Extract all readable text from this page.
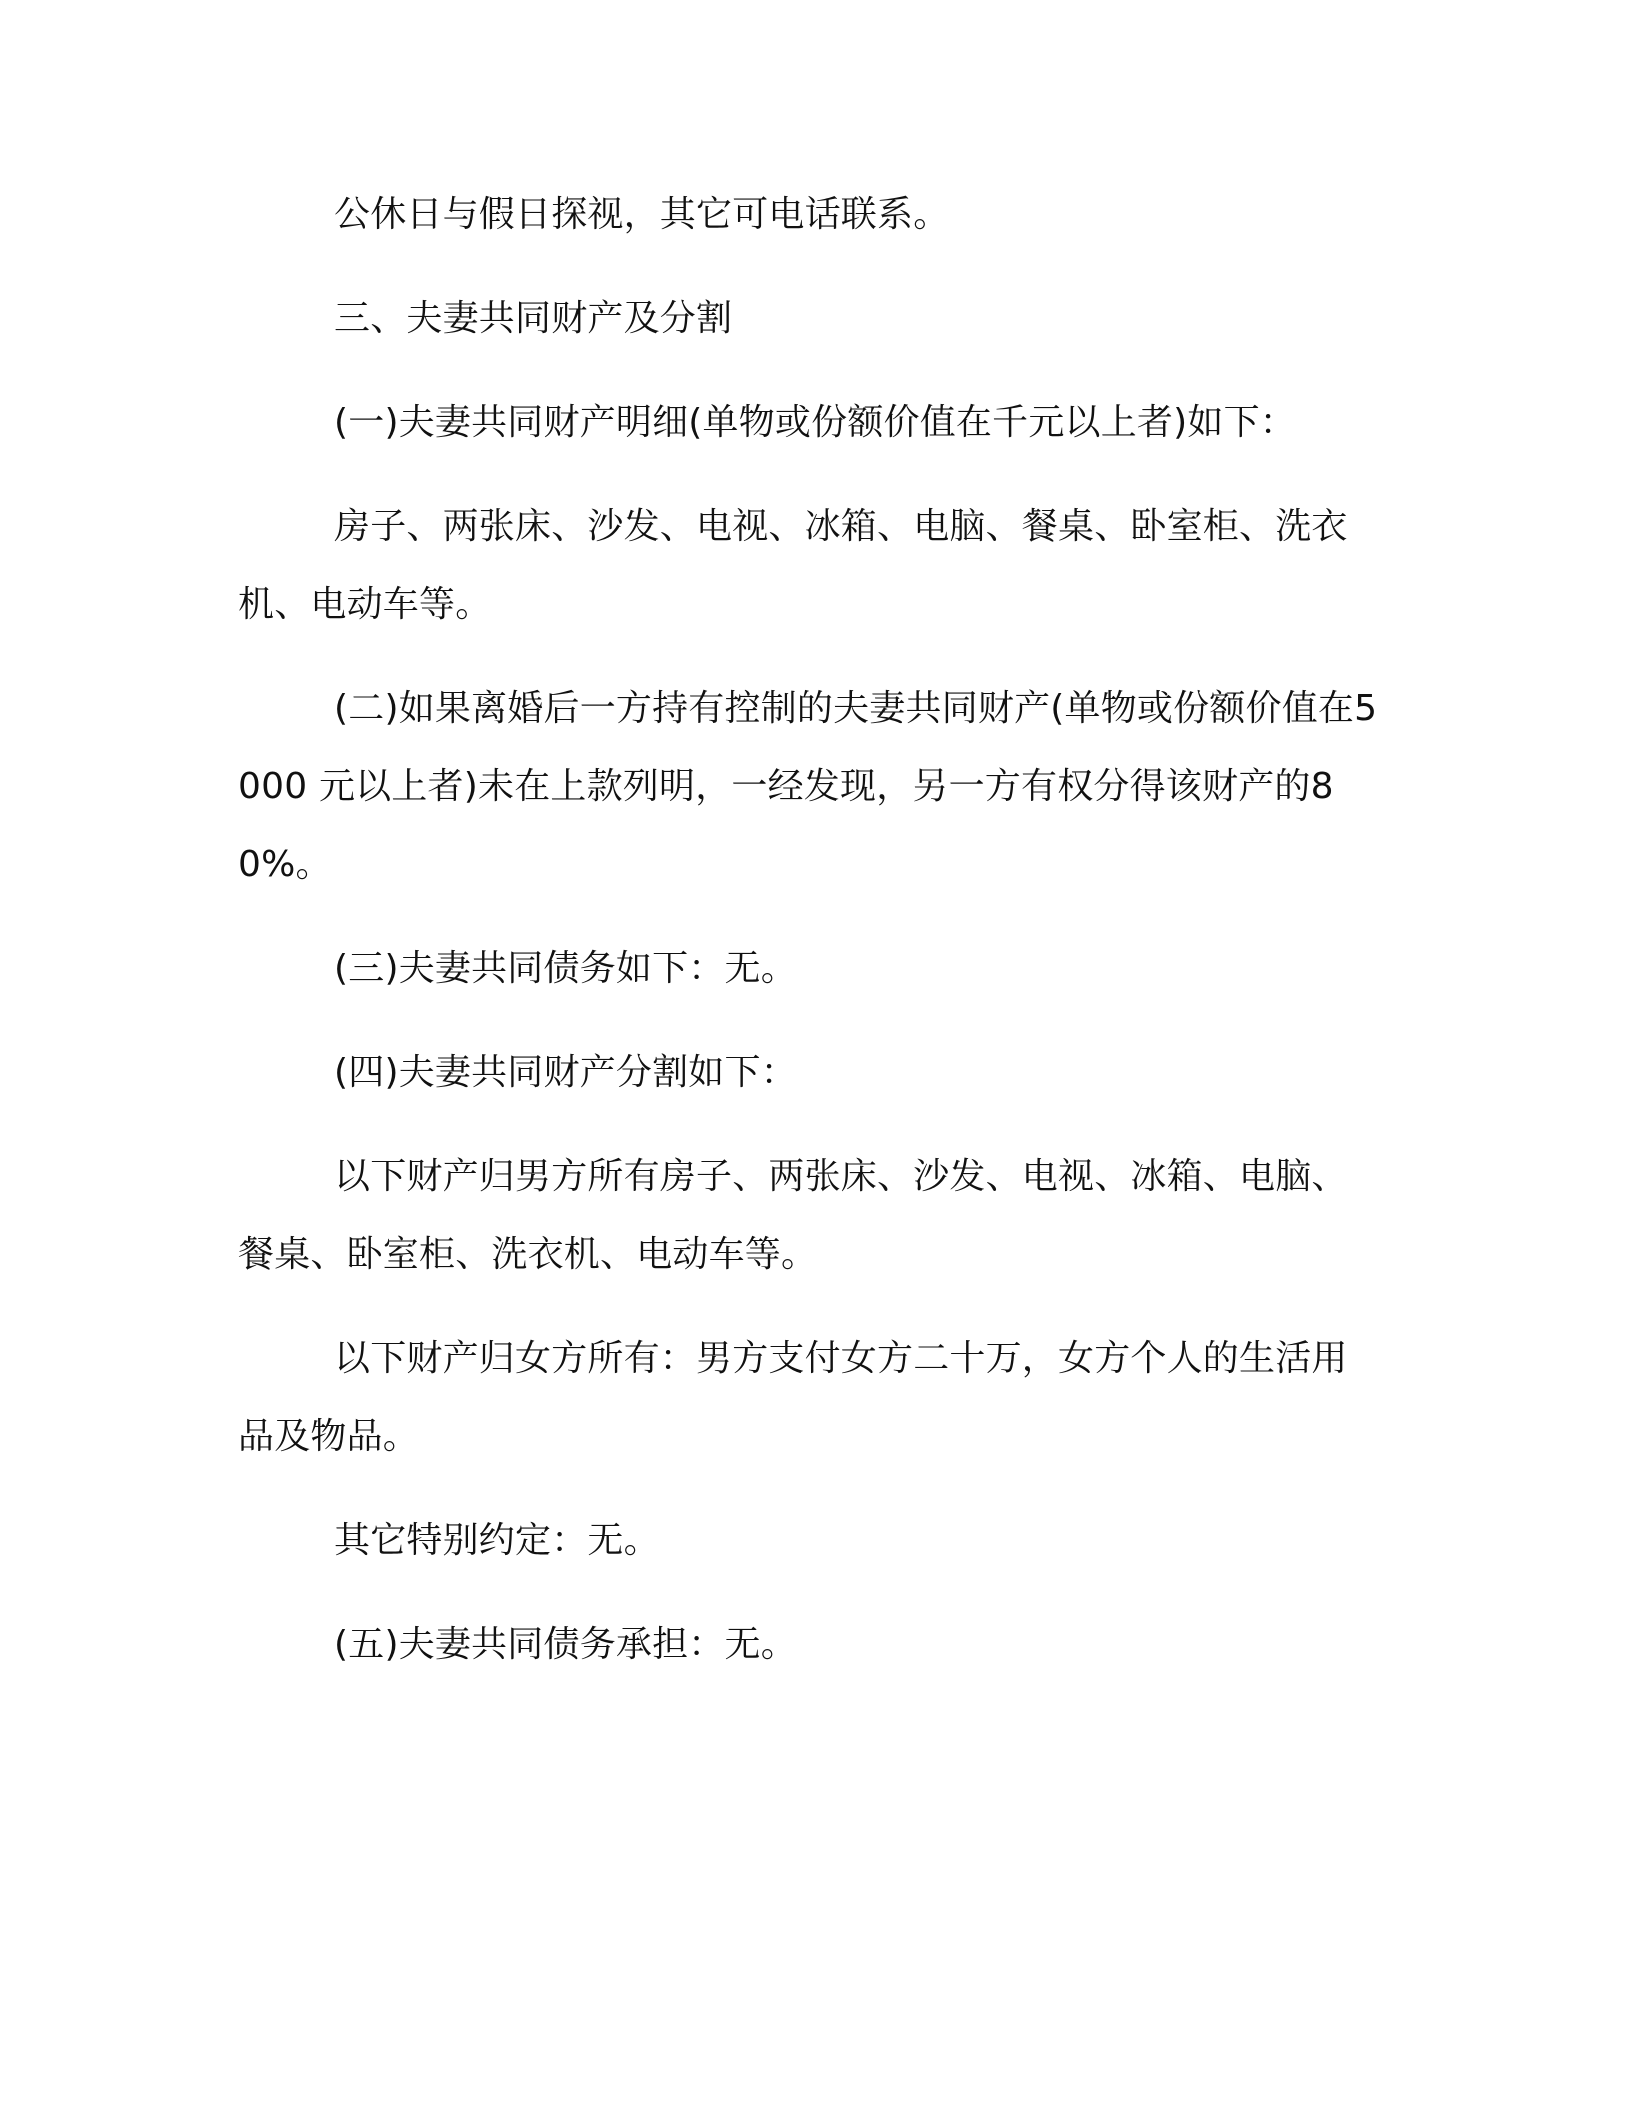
公休日与假日探视，其它可电话联系。

三、夫妻共同财产及分割

(一)夫妻共同财产明细(单物或份额价值在千元以上者)如下：

房子、两张床、沙发、电视、冰箱、电脑、餐桌、卧室柜、洗衣机、电动车等。

(二)如果离婚后一方持有控制的夫妻共同财产(单物或份额价值在5000 元以上者)未在上款列明，一经发现，另一方有权分得该财产的80%。

(三)夫妻共同债务如下：无。

(四)夫妻共同财产分割如下：

以下财产归男方所有房子、两张床、沙发、电视、冰箱、电脑、餐桌、卧室柜、洗衣机、电动车等。

以下财产归女方所有：男方支付女方二十万，女方个人的生活用品及物品。

其它特别约定：无。

(五)夫妻共同债务承担：无。
